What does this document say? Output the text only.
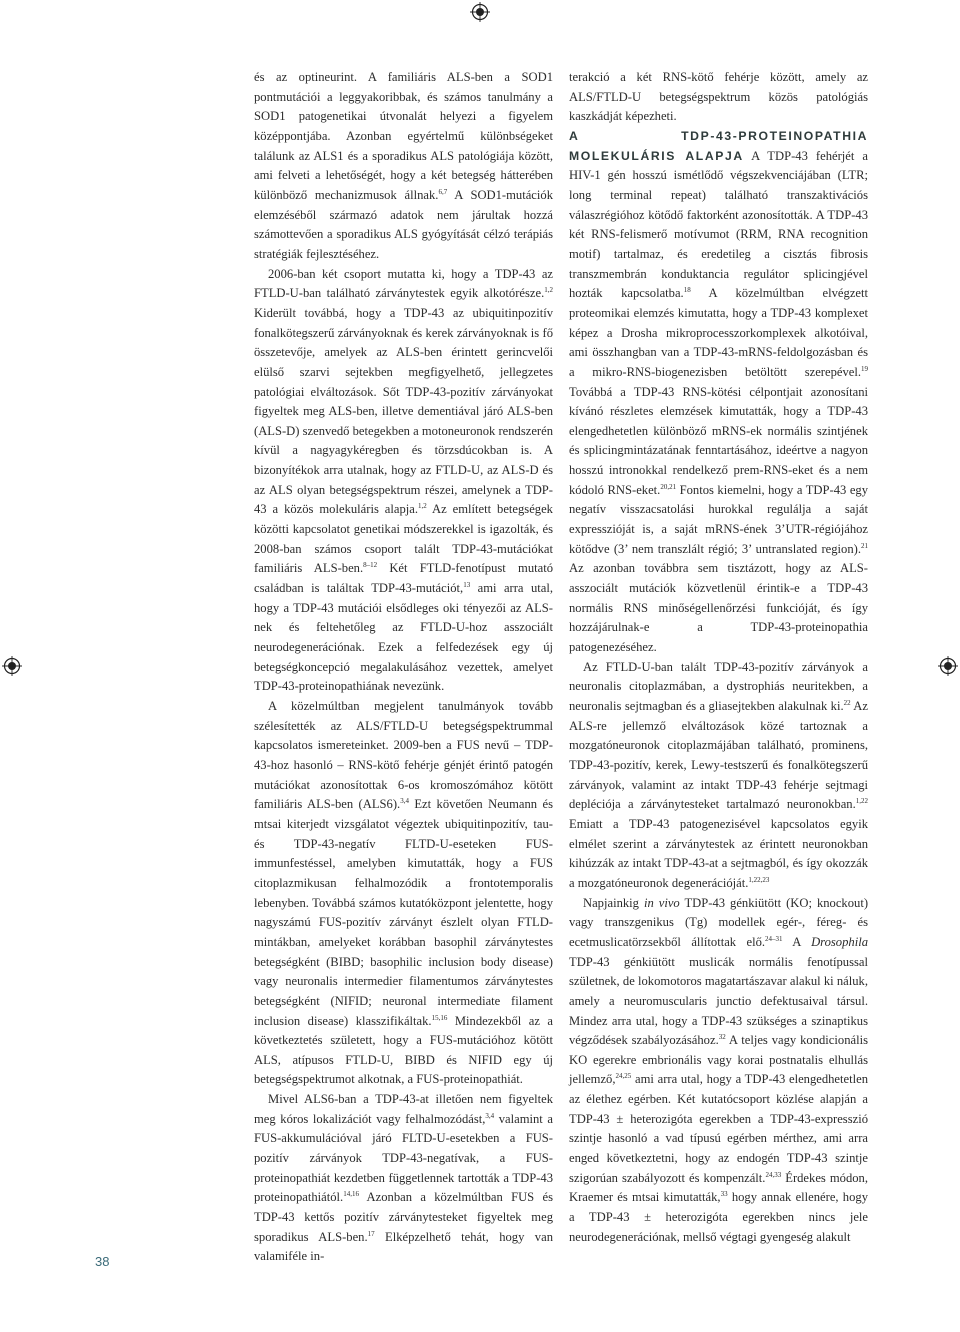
és az optineurint. A familiáris ALS-ben a SOD1 pontmutációi a leggyakoribbak, és számos tanulmány a SOD1 patogenetikai útvonalát helyezi a figyelem középpontjába. Azonban egyértelmű különbségeket találunk az ALS1 és a sporadikus ALS patológiája között, ami felveti a lehetőségét, hogy a két betegség hátterében különböző mechanizmusok állnak.$^{6,7}$ A SOD1-mutációk elemzéséből származó adatok nem járultak hozzá számottevően a sporadikus ALS gyógyítását célzó terápiás stratégiák fejlesztéséhez.

2006-ban két csoport mutatta ki, hogy a TDP-43 az FTLD-U-ban található zárványtestek egyik alkotórésze.$^{1,2}$ Kiderült továbbá, hogy a TDP-43 az ubiquitinpozitív fonalkötegszerű zárványoknak és kerek zárványoknak is fő összetevője, amelyek az ALS-ben érintett gerincvelői elülső szarvi sejtekben megfigyelhető, jellegzetes patológiai elváltozások. Sőt TDP-43-pozitív zárványokat figyeltek meg ALS-ben, illetve dementiával járó ALS-ben (ALS-D) szenvedő betegekben a motoneuronok rendszerén kívül a nagyagykéregben és törzsdúcokban is. A bizonyítékok arra utalnak, hogy az FTLD-U, az ALS-D és az ALS olyan betegségspektrum részei, amelynek a TDP-43 a közös molekuláris alapja.$^{1,2}$ Az említett betegségek közötti kapcsolatot genetikai módszerekkel is igazolták, és 2008-ban számos csoport talált TDP-43-mutációkat familiáris ALS-ben.$^{8-12}$ Két FTLD-fenotípust mutató családban is találtak TDP-43-mutációt,$^{13}$ ami arra utal, hogy a TDP-43 mutációi elsődleges oki tényezői az ALS-nek és feltehetőleg az FTLD-U-hoz asszociált neurodegenerációnak. Ezek a felfedezések egy új betegségkoncepció megalakulásához vezettek, amelyet TDP-43-proteinopathiának nevezünk.

A közelmúltban megjelent tanulmányok tovább szélesítették az ALS/FTLD-U betegségspektrummal kapcsolatos ismereteinket. 2009-ben a FUS nevű – TDP-43-hoz hasonló – RNS-kötő fehérje génjét érintő patogén mutációkat azonosítottak 6-os kromoszómához kötött familiáris ALS-ben (ALS6).$^{3,4}$ Ezt követően Neumann és mtsai kiterjedt vizsgálatot végeztek ubiquitinpozitív, tau- és TDP-43-negatív FLTD-U-eseteken FUS-immunfestéssel, amelyben kimutatták, hogy a FUS citoplazmikusan felhalmozódik a frontotemporalis lebenyben. Továbbá számos kutatóközpont jelentette, hogy nagyszámú FUS-pozitív zárványt észlelt olyan FTLD-mintákban, amelyeket korábban basophil zárványtestes betegségként (BIBD; basophilic inclusion body disease) vagy neuronalis intermedier filamentumos zárványtestes betegségként (NIFID; neuronal intermediate filament inclusion disease) klasszifikáltak.$^{15,16}$ Mindezekből az a következtetés született, hogy a FUS-mutációhoz kötött ALS, atípusos FTLD-U, BIBD és NIFID egy új betegségspektrumot alkotnak, a FUS-proteinopathiát.

Mivel ALS6-ban a TDP-43-at illetően nem figyeltek meg kóros lokalizációt vagy felhalmozódást,$^{3,4}$ valamint a FUS-akkumulációval járó FLTD-U-esetekben a FUS-pozitív zárványok TDP-43-negatívak, a FUS-proteinopathiát kezdetben függetlennek tartották a TDP-43 proteinopathiától.$^{14,16}$ Azonban a közelmúltban FUS és TDP-43 kettős pozitív zárványtesteket figyeltek meg sporadikus ALS-ben.$^{17}$ Elképzelhető tehát, hogy van valamiféle in-

terakció a két RNS-kötő fehérje között, amely az ALS/FTLD-U betegségspektrum közös patológiás kaszkádját képezheti.

A TDP-43-PROTEINOPATHIA MOLEKULÁRIS ALAPJA A TDP-43 fehérjét a HIV-1 gén hosszú ismétlődő végszekvenciájában (LTR; long terminal repeat) található transzaktivációs válaszrégióhoz kötődő faktorként azonosították. A TDP-43 két RNS-felismerő motívumot (RRM, RNA recognition motif) tartalmaz, és eredetileg a cisztás fibrosis transzmembrán konduktancia regulátor splicingjével hozták kapcsolatba.$^{18}$ A közelmúltban elvégzett proteomikai elemzés kimutatta, hogy a TDP-43 komplexet képez a Drosha mikroprocesszorkomplexek alkotóival, ami összhangban van a TDP-43-mRNS-feldolgozásban és a mikro-RNS-biogenezisben betöltött szerepével.$^{19}$ Továbbá a TDP-43 RNS-kötési célpontjait azonosítani kívánó részletes elemzések kimutatták, hogy a TDP-43 elengedhetetlen különböző mRNS-ek normális szintjének és splicingmintázatának fenntartásához, ideértve a nagyon hosszú intronokkal rendelkező prem-RNS-eket és a nem kódoló RNS-eket.$^{20,21}$ Fontos kiemelni, hogy a TDP-43 egy negatív visszacsatolási hurokkal regulálja a saját expresszióját is, a saját mRNS-ének 3’UTR-régiójához kötődve (3’ nem transzlált régió; 3’ untranslated region).$^{21}$ Az azonban továbbra sem tisztázott, hogy az ALS-asszociált mutációk közvetlenül érintik-e a TDP-43 normális RNS minőségellenőrzési funkcióját, és így hozzájárulnak-e a TDP-43-proteinopathia patogenezéséhez.

Az FTLD-U-ban talált TDP-43-pozitív zárványok a neuronalis citoplazmában, a dystrophiás neuritekben, a neuronalis sejtmagban és a gliasejtekben alakulnak ki.$^{22}$ Az ALS-re jellemző elváltozások közé tartoznak a mozgatóneuronok citoplazmájában található, prominens, TDP-43-pozitív, kerek, Lewy-testszerű és fonalkötegszerű zárványok, valamint az intakt TDP-43 fehérje sejtmagi depléciója a zárványtesteket tartalmazó neuronokban.$^{1,22}$ Emiatt a TDP-43 patogenezisével kapcsolatos egyik elmélet szerint a zárványtestek az érintett neuronokban kihúzzák az intakt TDP-43-at a sejtmagból, és így okozzák a mozgatóneuronok degenerációját.$^{1,22,23}$

Napjainkig in vivo TDP-43 génkiütött (KO; knockout) vagy transzgenikus (Tg) modellek egér-, féreg- és ecetmuslicatörzsekből állítottak elő.$^{24-31}$ A Drosophila TDP-43 génkiütött muslicák normális fenotípussal születnek, de lokomotoros magatartászavar alakul ki náluk, amely a neuromuscularis junctio defektusaival társul. Mindez arra utal, hogy a TDP-43 szükséges a szinaptikus végződések szabályozásához.$^{32}$ A teljes vagy kondicionális KO egerekre embrionális vagy korai postnatalis elhullás jellemző,$^{24,25}$ ami arra utal, hogy a TDP-43 elengedhetetlen az élethez egérben. Két kutatócsoport közlése alapján a TDP-43 ± heterozigóta egerekben a TDP-43-expresszió szintje hasonló a vad típusú egérben mérthez, ami arra enged következtetni, hogy az endogén TDP-43 szintje szigorúan szabályozott és kompenzált.$^{24,33}$ Érdekes módon, Kraemer és mtsai kimutatták,$^{33}$ hogy annak ellenére, hogy a TDP-43 ± heterozigóta egerekben nincs jele neurodegenerációnak, mellső végtagi gyengeség alakult

38
